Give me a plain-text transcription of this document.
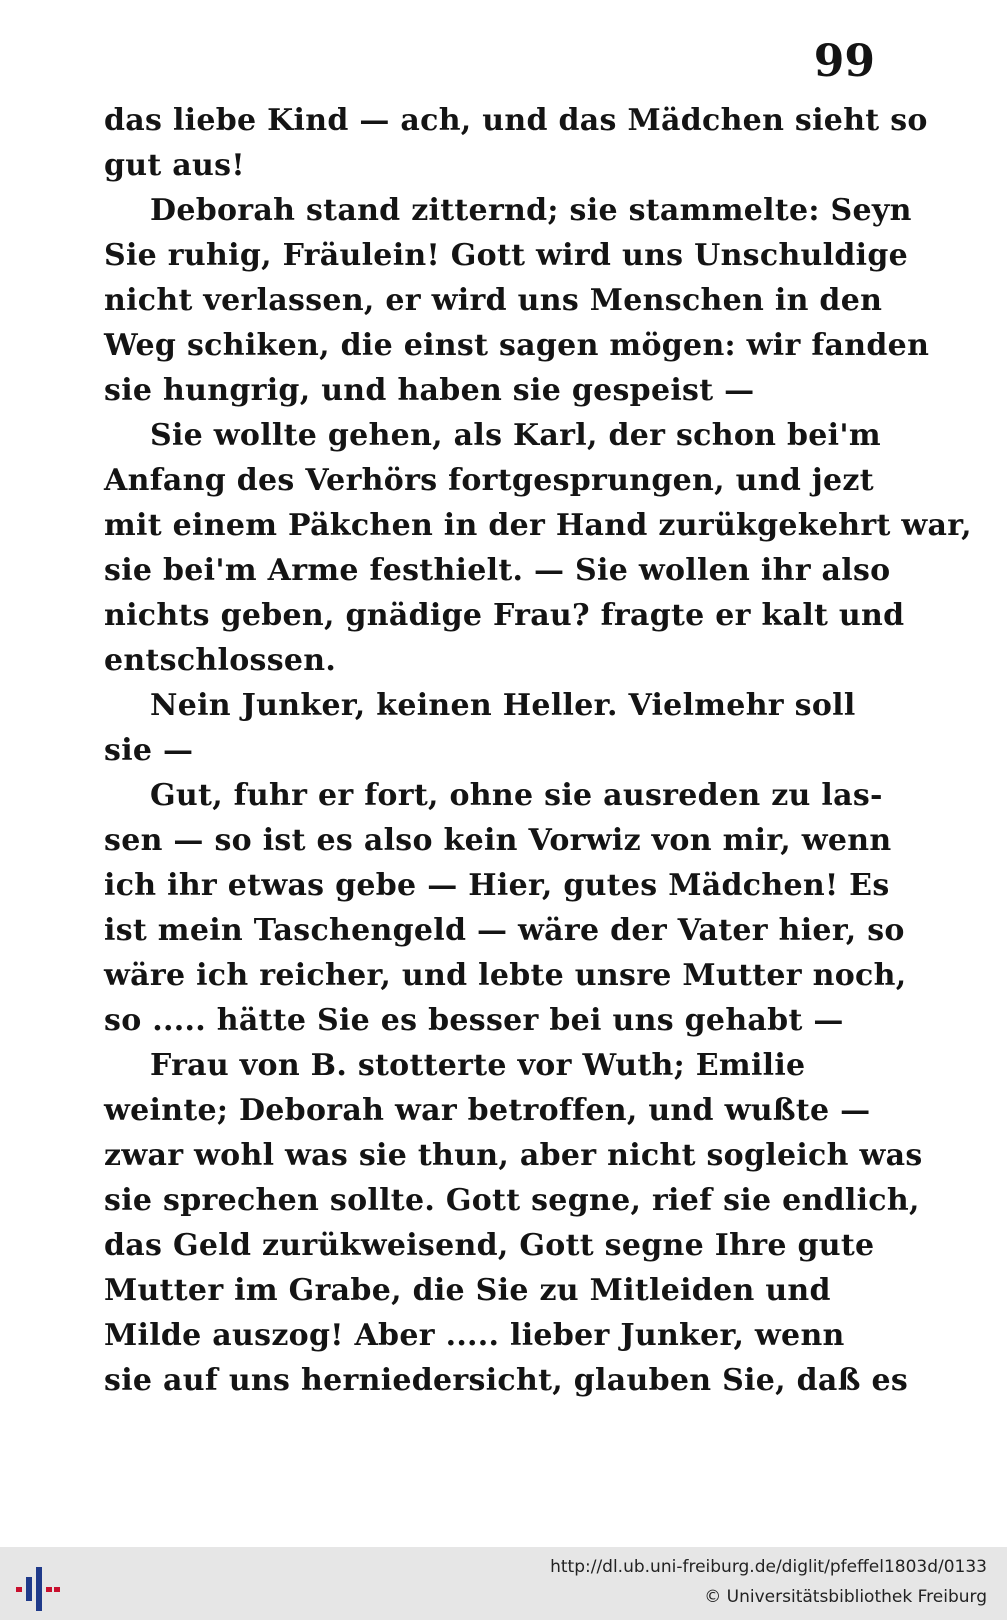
99
das liebe Kind — ach, und das Mädchen sieht so
gut aus!
Deborah stand zitternd; sie stammelte: Seyn
Sie ruhig, Fräulein! Gott wird uns Unschuldige
nicht verlassen, er wird uns Menschen in den
Weg schiken, die einst sagen mögen: wir fanden
sie hungrig, und haben sie gespeist —
Sie wollte gehen, als Karl, der schon bei'm
Anfang des Verhörs fortgesprungen, und jezt
mit einem Päkchen in der Hand zurükgekehrt war,
sie bei'm Arme festhielt. — Sie wollen ihr also
nichts geben, gnädige Frau? fragte er kalt und
entschlossen.
Nein Junker, keinen Heller. Vielmehr soll
sie —
Gut, fuhr er fort, ohne sie ausreden zu las-
sen — so ist es also kein Vorwiz von mir, wenn
ich ihr etwas gebe — Hier, gutes Mädchen! Es
ist mein Taschengeld — wäre der Vater hier, so
wäre ich reicher, und lebte unsre Mutter noch,
so ..... hätte Sie es besser bei uns gehabt —
Frau von B. stotterte vor Wuth; Emilie
weinte; Deborah war betroffen, und wußte —
zwar wohl was sie thun, aber nicht sogleich was
sie sprechen sollte. Gott segne, rief sie endlich,
das Geld zurükweisend, Gott segne Ihre gute
Mutter im Grabe, die Sie zu Mitleiden und
Milde auszog! Aber ..... lieber Junker, wenn
sie auf uns herniedersicht, glauben Sie, daß es
http://dl.ub.uni-freiburg.de/diglit/pfeffel1803d/0133
© Universitätsbibliothek Freiburg
